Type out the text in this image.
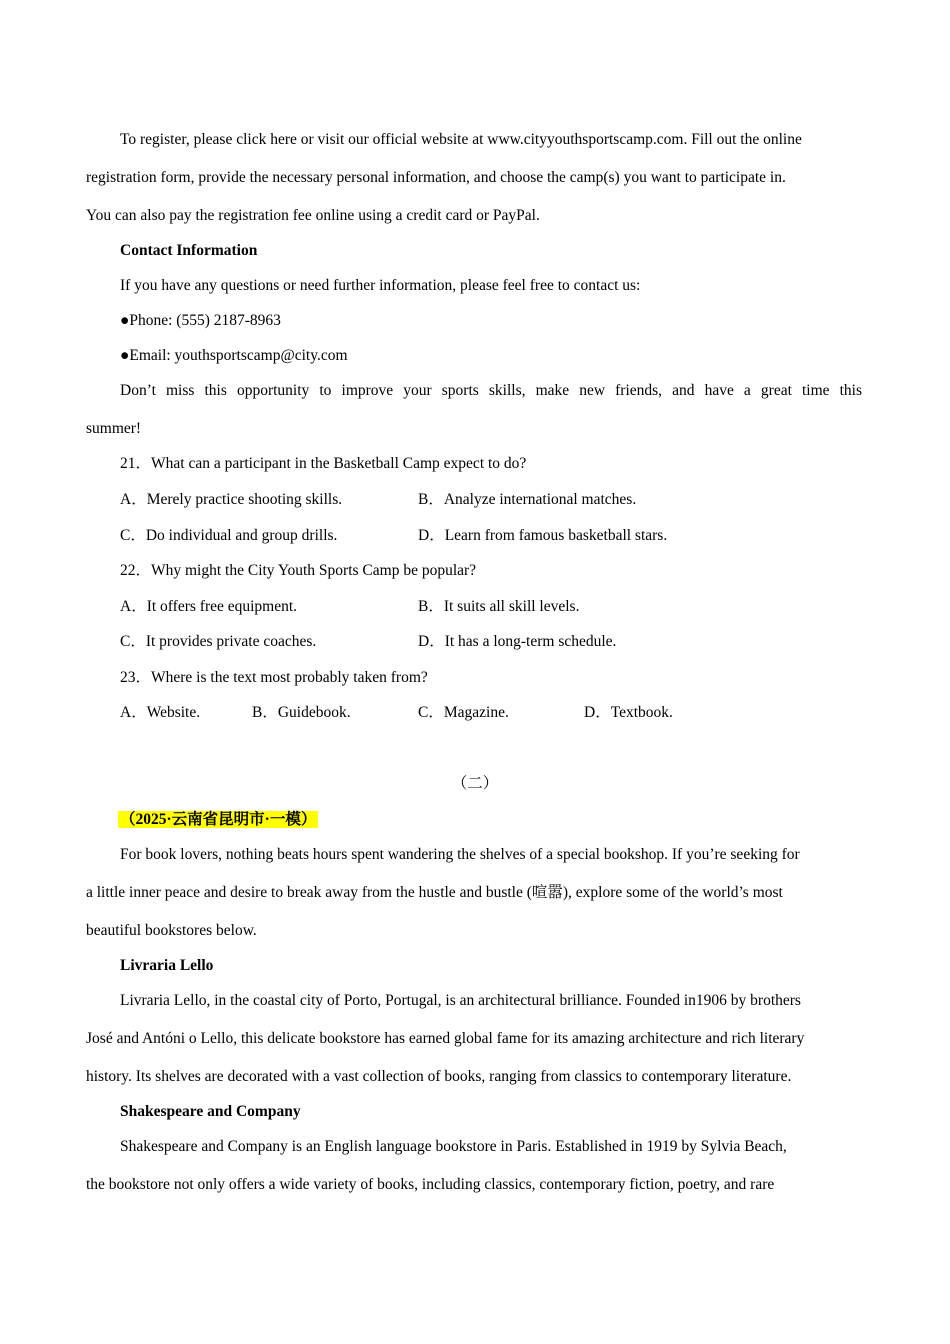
To register, please click here or visit our official website at www.cityyouthsportscamp.com. Fill out the online
registration form, provide the necessary personal information, and choose the camp(s) you want to participate in.
You can also pay the registration fee online using a credit card or PayPal.
Contact Information
If you have any questions or need further information, please feel free to contact us:
●Phone: (555) 2187-8963
●Email: youthsportscamp@city.com
Don’t miss this opportunity to improve your sports skills, make new friends, and have a great time this
summer!
21．What can a participant in the Basketball Camp expect to do?
A．Merely practice shooting skills.	B．Analyze international matches.
C．Do individual and group drills.	D．Learn from famous basketball stars.
22．Why might the City Youth Sports Camp be popular?
A．It offers free equipment.	B．It suits all skill levels.
C．It provides private coaches.	D．It has a long-term schedule.
23．Where is the text most probably taken from?
A．Website.	B．Guidebook.	C．Magazine.	D．Textbook.
（二）
（2025·云南省昆明市·一模）
For book lovers, nothing beats hours spent wandering the shelves of a special bookshop. If you’re seeking for
a little inner peace and desire to break away from the hustle and bustle (喧嚣), explore some of the world’s most
beautiful bookstores below.
Livraria Lello
Livraria Lello, in the coastal city of Porto, Portugal, is an architectural brilliance. Founded in1906 by brothers
José and Antóni o Lello, this delicate bookstore has earned global fame for its amazing architecture and rich literary
history. Its shelves are decorated with a vast collection of books, ranging from classics to contemporary literature.
Shakespeare and Company
Shakespeare and Company is an English language bookstore in Paris. Established in 1919 by Sylvia Beach,
the bookstore not only offers a wide variety of books, including classics, contemporary fiction, poetry, and rare
